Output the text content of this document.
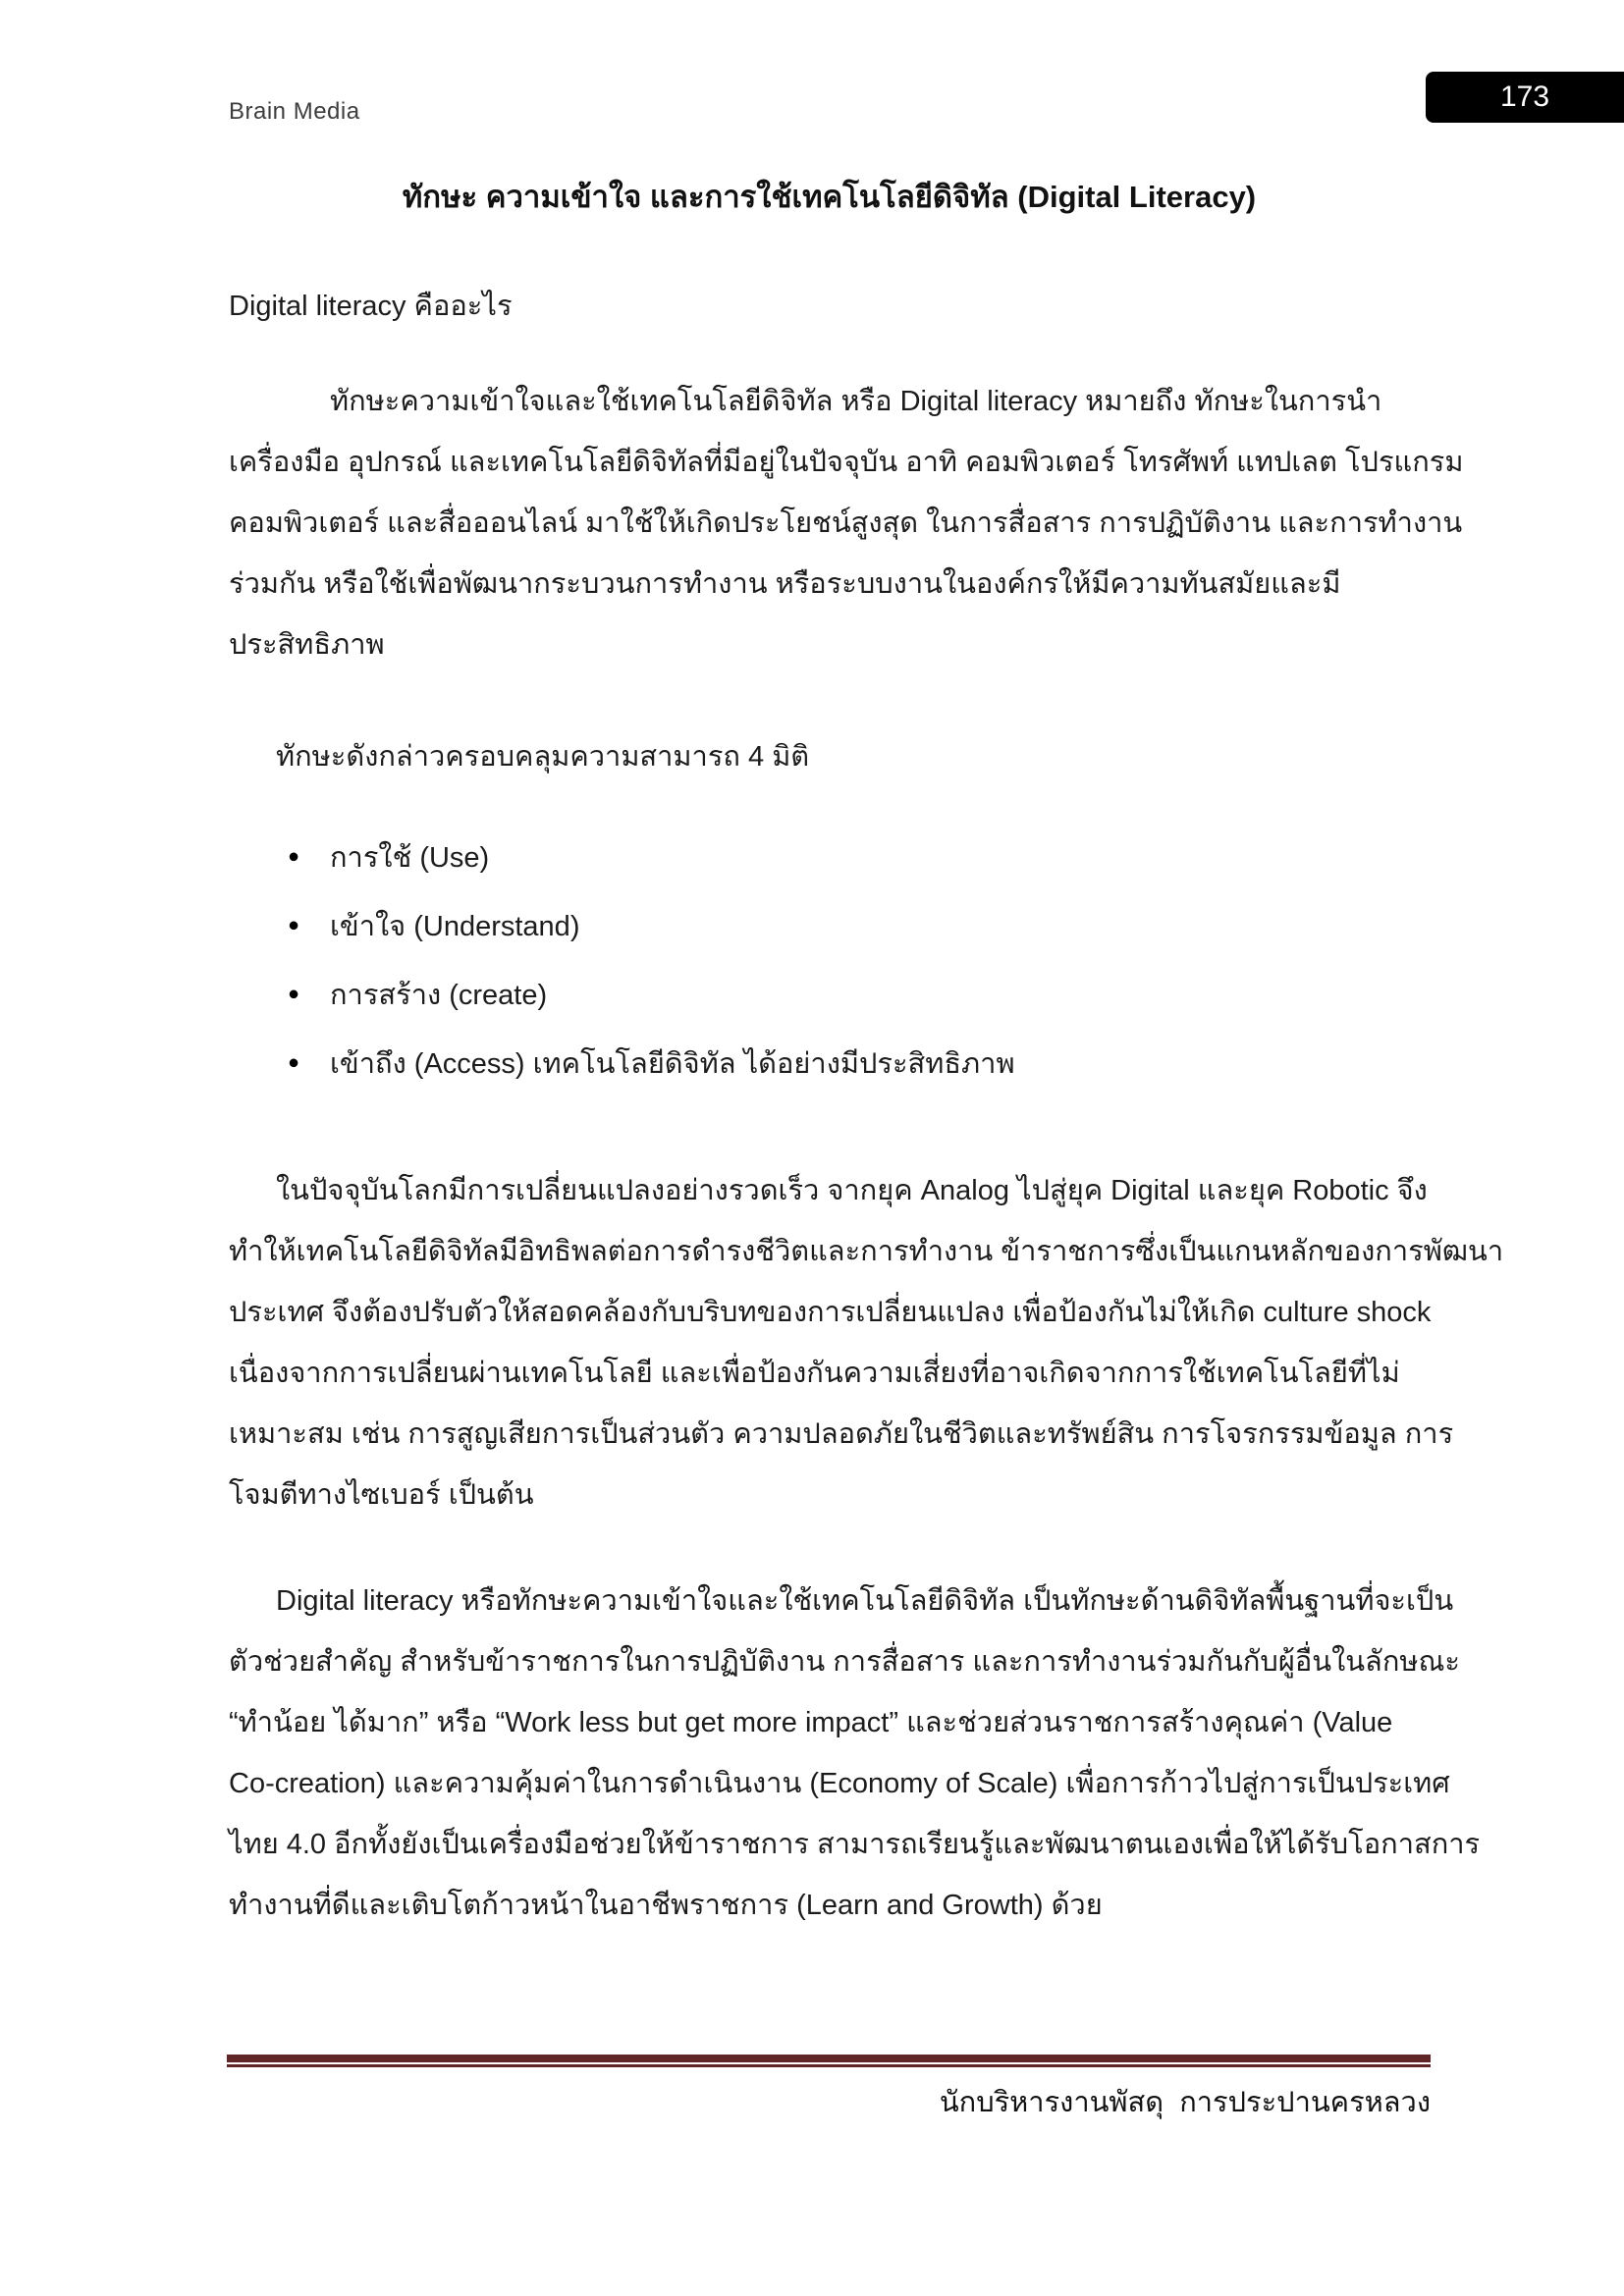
Brain Media	173
ทักษะ ความเข้าใจ และการใช้เทคโนโลยีดิจิทัล (Digital Literacy)
Digital literacy คืออะไร
ทักษะความเข้าใจและใช้เทคโนโลยีดิจิทัล หรือ Digital literacy หมายถึง ทักษะในการนำ
เครื่องมือ อุปกรณ์ และเทคโนโลยีดิจิทัลที่มีอยู่ในปัจจุบัน อาทิ คอมพิวเตอร์ โทรศัพท์ แทปเลต โปรแกรม
คอมพิวเตอร์ และสื่อออนไลน์ มาใช้ให้เกิดประโยชน์สูงสุด ในการสื่อสาร การปฏิบัติงาน และการทำงาน
ร่วมกัน หรือใช้เพื่อพัฒนากระบวนการทำงาน หรือระบบงานในองค์กรให้มีความทันสมัยและมี
ประสิทธิภาพ
ทักษะดังกล่าวครอบคลุมความสามารถ 4 มิติ
● การใช้ (Use)
● เข้าใจ (Understand)
● การสร้าง (create)
● เข้าถึง (Access) เทคโนโลยีดิจิทัล ได้อย่างมีประสิทธิภาพ
ในปัจจุบันโลกมีการเปลี่ยนแปลงอย่างรวดเร็ว จากยุค Analog ไปสู่ยุค Digital และยุค Robotic จึง
ทำให้เทคโนโลยีดิจิทัลมีอิทธิพลต่อการดำรงชีวิตและการทำงาน ข้าราชการซึ่งเป็นแกนหลักของการพัฒนา
ประเทศ จึงต้องปรับตัวให้สอดคล้องกับบริบทของการเปลี่ยนแปลง เพื่อป้องกันไม่ให้เกิด culture shock
เนื่องจากการเปลี่ยนผ่านเทคโนโลยี และเพื่อป้องกันความเสี่ยงที่อาจเกิดจากการใช้เทคโนโลยีที่ไม่
เหมาะสม เช่น การสูญเสียการเป็นส่วนตัว ความปลอดภัยในชีวิตและทรัพย์สิน การโจรกรรมข้อมูล การ
โจมตีทางไซเบอร์ เป็นต้น
Digital literacy หรือทักษะความเข้าใจและใช้เทคโนโลยีดิจิทัล เป็นทักษะด้านดิจิทัลพื้นฐานที่จะเป็น
ตัวช่วยสำคัญ สำหรับข้าราชการในการปฏิบัติงาน การสื่อสาร และการทำงานร่วมกันกับผู้อื่นในลักษณะ
“ทำน้อย ได้มาก” หรือ “Work less but get more impact” และช่วยส่วนราชการสร้างคุณค่า (Value
Co-creation) และความคุ้มค่าในการดำเนินงาน (Economy of Scale) เพื่อการก้าวไปสู่การเป็นประเทศ
ไทย 4.0 อีกทั้งยังเป็นเครื่องมือช่วยให้ข้าราชการ สามารถเรียนรู้และพัฒนาตนเองเพื่อให้ได้รับโอกาสการ
ทำงานที่ดีและเติบโตก้าวหน้าในอาชีพราชการ (Learn and Growth) ด้วย
นักบริหารงานพัสดุ  การประปานครหลวง
